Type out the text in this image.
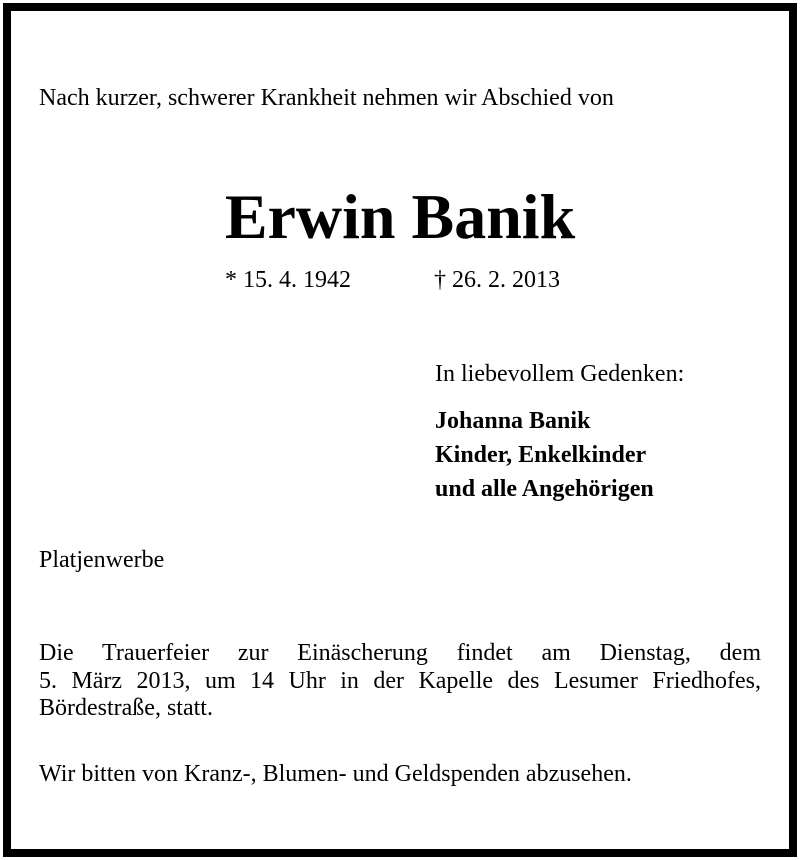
Nach kurzer, schwerer Krankheit nehmen wir Abschied von

Erwin Banik

* 15. 4. 1942	† 26. 2. 2013

In liebevollem Gedenken:

Johanna Banik
Kinder, Enkelkinder
und alle Angehörigen

Platjenwerbe

Die Trauerfeier zur Einäscherung findet am Dienstag, dem
5. März 2013, um 14 Uhr in der Kapelle des Lesumer Friedhofes,
Bördestraße, statt.

Wir bitten von Kranz-, Blumen- und Geldspenden abzusehen.
